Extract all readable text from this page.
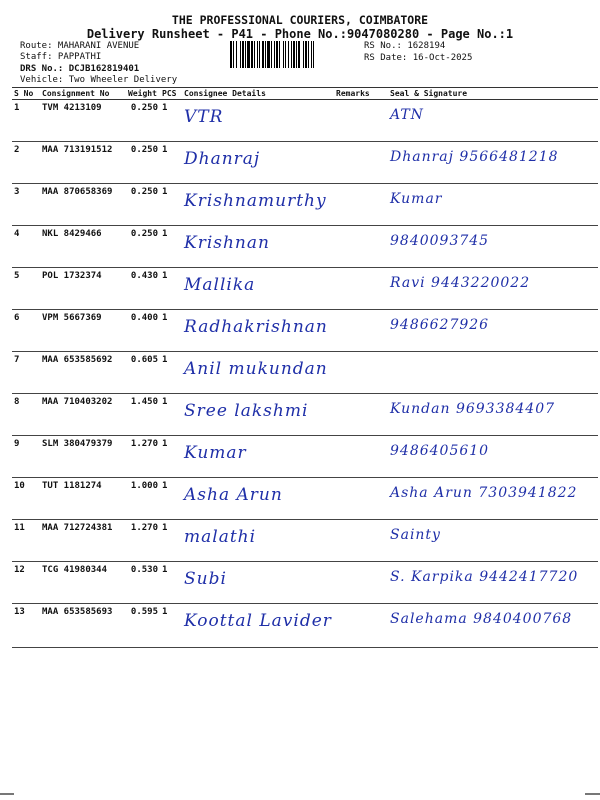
THE PROFESSIONAL COURIERS, COIMBATORE
Delivery Runsheet - P41 - Phone No.:9047080280 - Page No.:1
Route: MAHARANI AVENUE
Staff: PAPPATHI
DRS No.: DCJB162819401
Vehicle: Two Wheeler Delivery
RS No.: 1628194
RS Date: 16-Oct-2025
S No	Consignment No	Weight	PCS	Consignee Details	Remarks	Seal & Signature
1	TVM 4213109	0.250	1	VTR		ATN

2	MAA 713191512	0.250	1	Dhanraj		Dhanraj 9566481218

3	MAA 870658369	0.250	1	Krishnamurthy		Kumar

4	NKL 8429466	0.250	1	Krishnan		9840093745

5	POL 1732374	0.430	1	Mallika		Ravi 9443220022

6	VPM 5667369	0.400	1	Radhakrishnan		9486627926

7	MAA 653585692	0.605	1	Anil mukundan		

8	MAA 710403202	1.450	1	Sree lakshmi		Kundan 9693384407

9	SLM 380479379	1.270	1	Kumar		9486405610

10	TUT 1181274	1.000	1	Asha Arun		Asha Arun 7303941822

11	MAA 712724381	1.270	1	malathi		Sainty

12	TCG 41980344	0.530	1	Subi		S. Karpika 9442417720

13	MAA 653585693	0.595	1	Koottal Lavider		Salehama 9840400768
